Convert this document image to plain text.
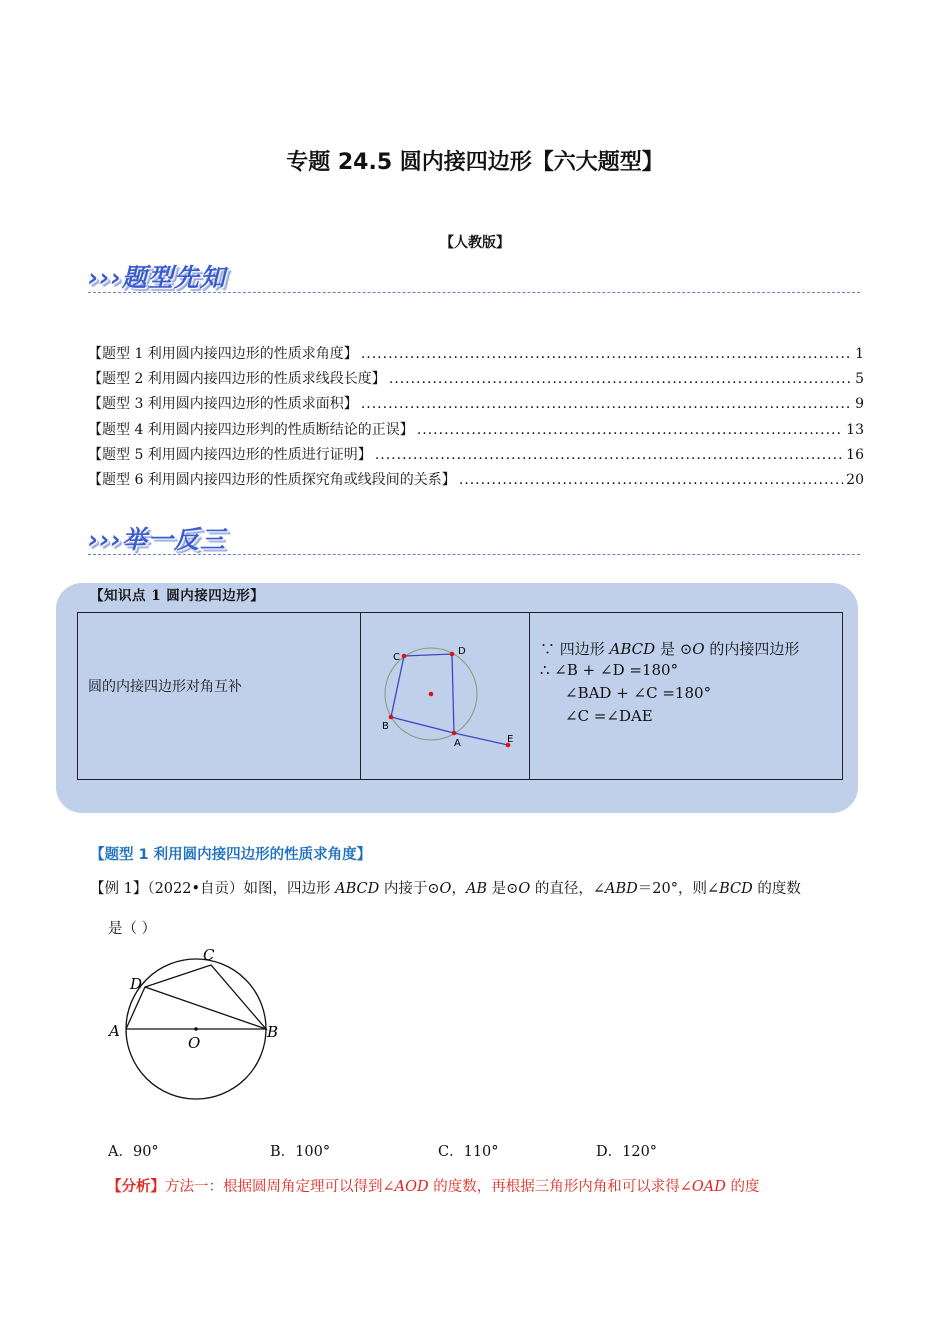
专题 24.5 圆内接四边形【六大题型】
【人教版】
›››题型先知
【题型 1 利用圆内接四边形的性质求角度】 .....	1
【题型 2 利用圆内接四边形的性质求线段长度】 .....	5
【题型 3 利用圆内接四边形的性质求面积】 .....	9
【题型 4 利用圆内接四边形判的性质断结论的正误】 .....	13
【题型 5 利用圆内接四边形的性质进行证明】 .....	16
【题型 6 利用圆内接四边形的性质探究角或线段间的关系】 .....	20
›››举一反三
【知识点 1 圆内接四边形】
圆的内接四边形对角互补
C
D
B
A	E
∵ 四边形 ABCD 是 ⊙O 的内接四边形
∴ ∠B + ∠D =180°
∠BAD + ∠C =180°
∠C =∠DAE
【题型 1 利用圆内接四边形的性质求角度】
【例 1】（2022•自贡）如图，四边形 ABCD 内接于⊙O，AB 是⊙O 的直径，∠ABD＝20°，则∠BCD 的度数
是（ ）
A	B
C
D
O
A．90°	B．100°	C．110°	D．120°
【分析】方法一：根据圆周角定理可以得到∠AOD 的度数，再根据三角形内角和可以求得∠OAD 的度
